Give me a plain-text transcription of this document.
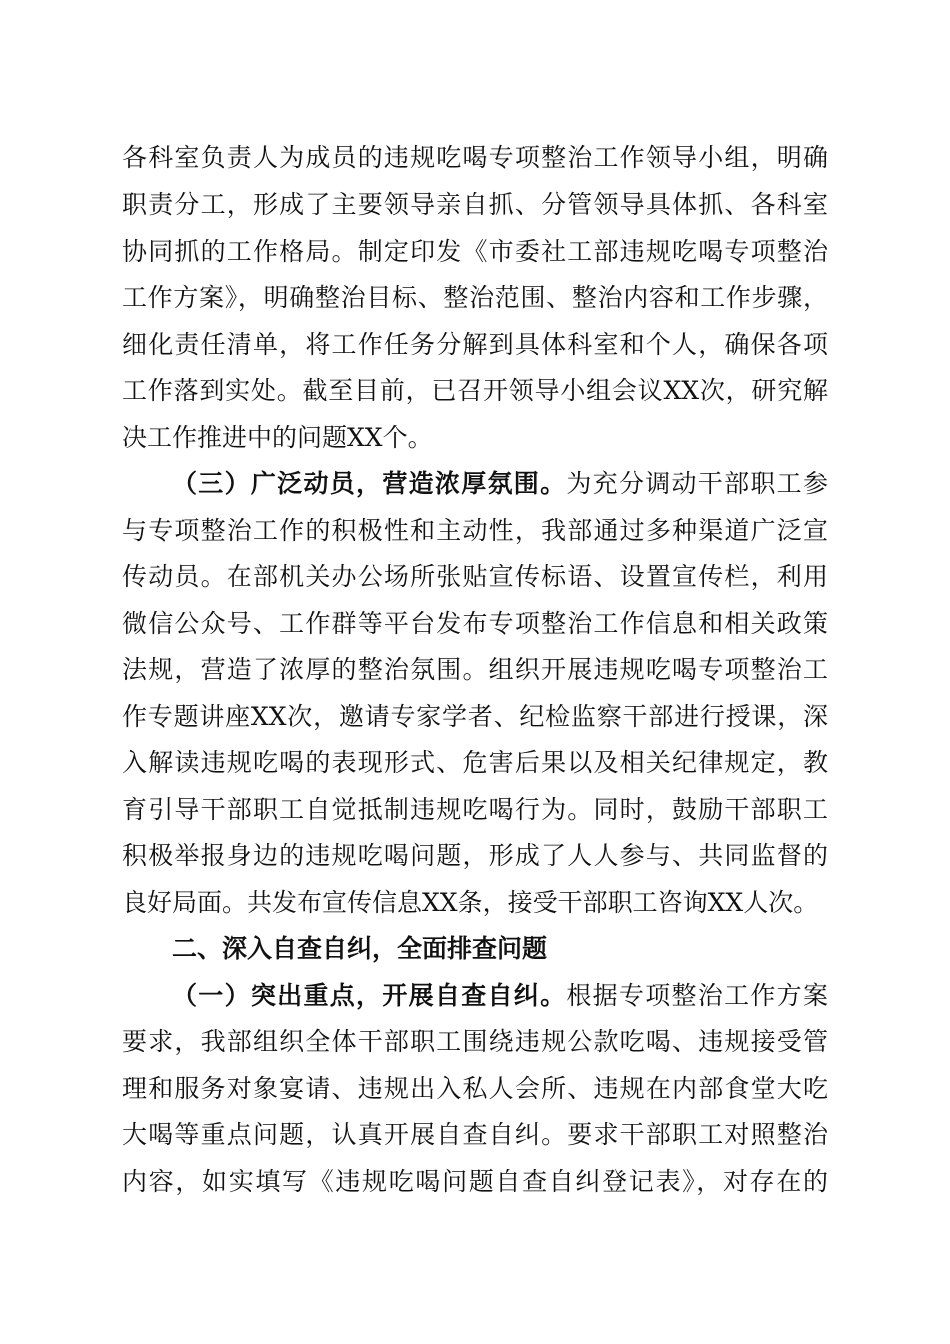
各科室负责人为成员的违规吃喝专项整治工作领导小组，明确
职责分工，形成了主要领导亲自抓、分管领导具体抓、各科室
协同抓的工作格局。制定印发《市委社工部违规吃喝专项整治
工作方案》，明确整治目标、整治范围、整治内容和工作步骤，
细化责任清单，将工作任务分解到具体科室和个人，确保各项
工作落到实处。截至目前，已召开领导小组会议XX次，研究解
决工作推进中的问题XX个。
（三）广泛动员，营造浓厚氛围。为充分调动干部职工参
与专项整治工作的积极性和主动性，我部通过多种渠道广泛宣
传动员。在部机关办公场所张贴宣传标语、设置宣传栏，利用
微信公众号、工作群等平台发布专项整治工作信息和相关政策
法规，营造了浓厚的整治氛围。组织开展违规吃喝专项整治工
作专题讲座XX次，邀请专家学者、纪检监察干部进行授课，深
入解读违规吃喝的表现形式、危害后果以及相关纪律规定，教
育引导干部职工自觉抵制违规吃喝行为。同时，鼓励干部职工
积极举报身边的违规吃喝问题，形成了人人参与、共同监督的
良好局面。共发布宣传信息XX条，接受干部职工咨询XX人次。
二、深入自查自纠，全面排查问题
（一）突出重点，开展自查自纠。根据专项整治工作方案
要求，我部组织全体干部职工围绕违规公款吃喝、违规接受管
理和服务对象宴请、违规出入私人会所、违规在内部食堂大吃
大喝等重点问题，认真开展自查自纠。要求干部职工对照整治
内容，如实填写《违规吃喝问题自查自纠登记表》，对存在的
